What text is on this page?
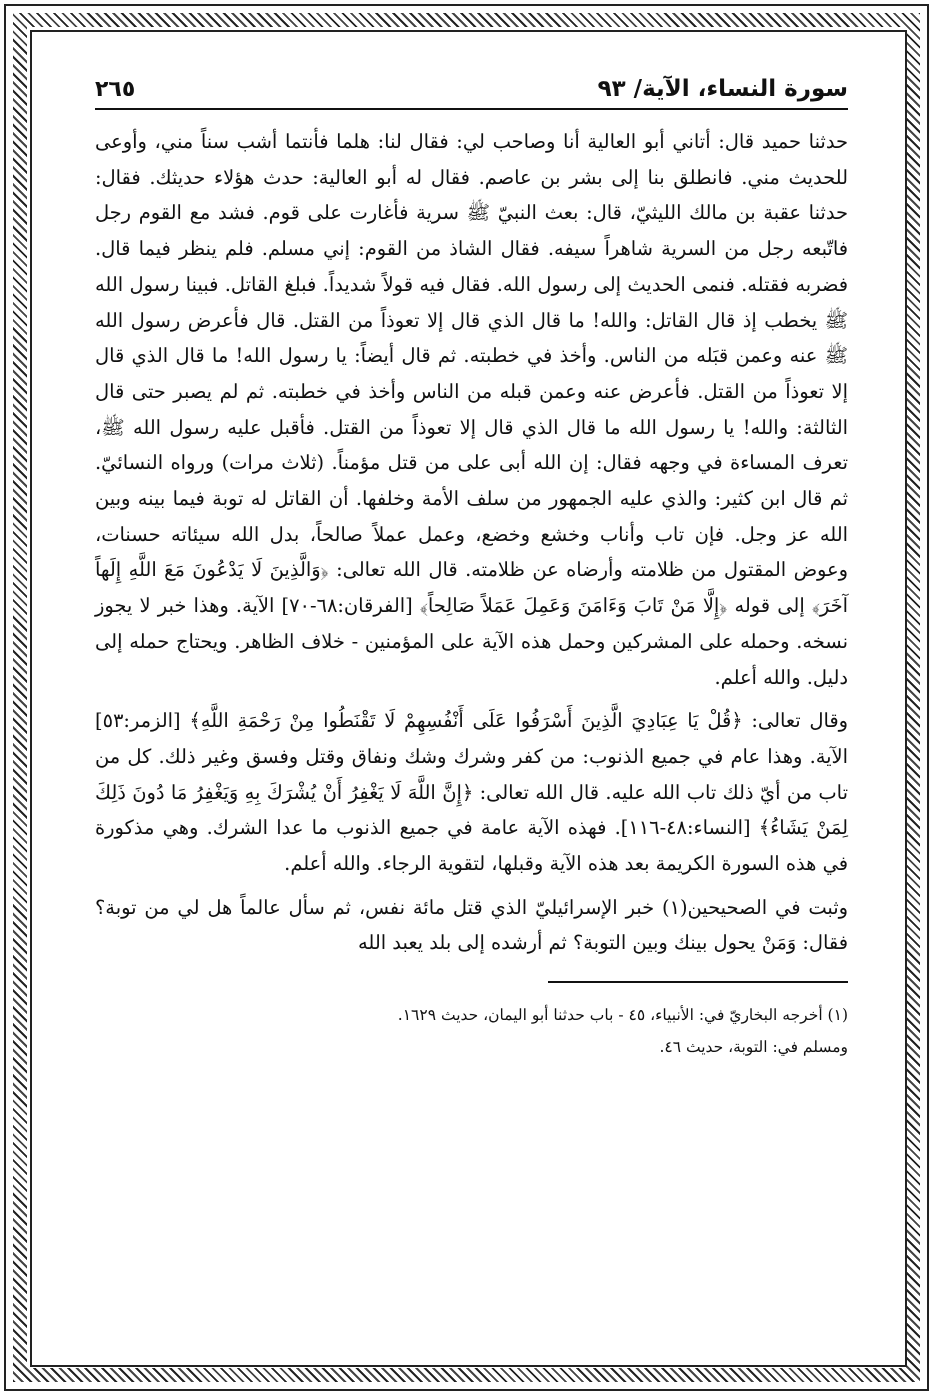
سورة النساء، الآية/ ٩٣
٢٦٥

حدثنا حميد قال: أتاني أبو العالية أنا وصاحب لي: فقال لنا: هلما فأنتما أشب سناً مني، وأوعى للحديث مني. فانطلق بنا إلى بشر بن عاصم. فقال له أبو العالية: حدث هؤلاء حديثك. فقال: حدثنا عقبة بن مالك الليثيّ، قال: بعث النبيّ ﷺ سرية فأغارت على قوم. فشد مع القوم رجل فاتّبعه رجل من السرية شاهراً سيفه. فقال الشاذ من القوم: إني مسلم. فلم ينظر فيما قال. فضربه فقتله. فنمى الحديث إلى رسول الله. فقال فيه قولاً شديداً. فبلغ القاتل. فبينا رسول الله ﷺ يخطب إذ قال القاتل: والله! ما قال الذي قال إلا تعوذاً من القتل. قال فأعرض رسول الله ﷺ عنه وعمن قبَله من الناس. وأخذ في خطبته. ثم قال أيضاً: يا رسول الله! ما قال الذي قال إلا تعوذاً من القتل. فأعرض عنه وعمن قبله من الناس وأخذ في خطبته. ثم لم يصبر حتى قال الثالثة: والله! يا رسول الله ما قال الذي قال إلا تعوذاً من القتل. فأقبل عليه رسول الله ﷺ، تعرف المساءة في وجهه فقال: إن الله أبى على من قتل مؤمناً. (ثلاث مرات) ورواه النسائيّ. ثم قال ابن كثير: والذي عليه الجمهور من سلف الأمة وخلفها. أن القاتل له توبة فيما بينه وبين الله عز وجل. فإن تاب وأناب وخشع وخضع، وعمل عملاً صالحاً، بدل الله سيئاته حسنات، وعوض المقتول من ظلامته وأرضاه عن ظلامته. قال الله تعالى: ﴿وَالَّذِينَ لَا يَدْعُونَ مَعَ اللَّهِ إِلَهاً آخَرَ﴾ إلى قوله ﴿إِلَّا مَنْ تَابَ وَءَامَنَ وَعَمِلَ عَمَلاً صَالِحاً﴾ [الفرقان:٦٨-٧٠] الآية. وهذا خبر لا يجوز نسخه. وحمله على المشركين وحمل هذه الآية على المؤمنين - خلاف الظاهر. ويحتاج حمله إلى دليل. والله أعلم.

وقال تعالى: ﴿قُلْ يَا عِبَادِيَ الَّذِينَ أَسْرَفُوا عَلَى أَنْفُسِهِمْ لَا تَقْنَطُوا مِنْ رَحْمَةِ اللَّهِ﴾ [الزمر:٥٣] الآية. وهذا عام في جميع الذنوب: من كفر وشرك وشك ونفاق وقتل وفسق وغير ذلك. كل من تاب من أيّ ذلك تاب الله عليه. قال الله تعالى: ﴿إِنَّ اللَّهَ لَا يَغْفِرُ أَنْ يُشْرَكَ بِهِ وَيَغْفِرُ مَا دُونَ ذَلِكَ لِمَنْ يَشَاءُ﴾ [النساء:٤٨-١١٦]. فهذه الآية عامة في جميع الذنوب ما عدا الشرك. وهي مذكورة في هذه السورة الكريمة بعد هذه الآية وقبلها، لتقوية الرجاء. والله أعلم.

وثبت في الصحيحين(١) خبر الإسرائيليّ الذي قتل مائة نفس، ثم سأل عالماً هل لي من توبة؟ فقال: وَمَنْ يحول بينك وبين التوبة؟ ثم أرشده إلى بلد يعبد الله

(١) أخرجه البخاريّ في: الأنبياء، ٤٥ - باب حدثنا أبو اليمان، حديث ١٦٢٩.

ومسلم في: التوبة، حديث ٤٦.
